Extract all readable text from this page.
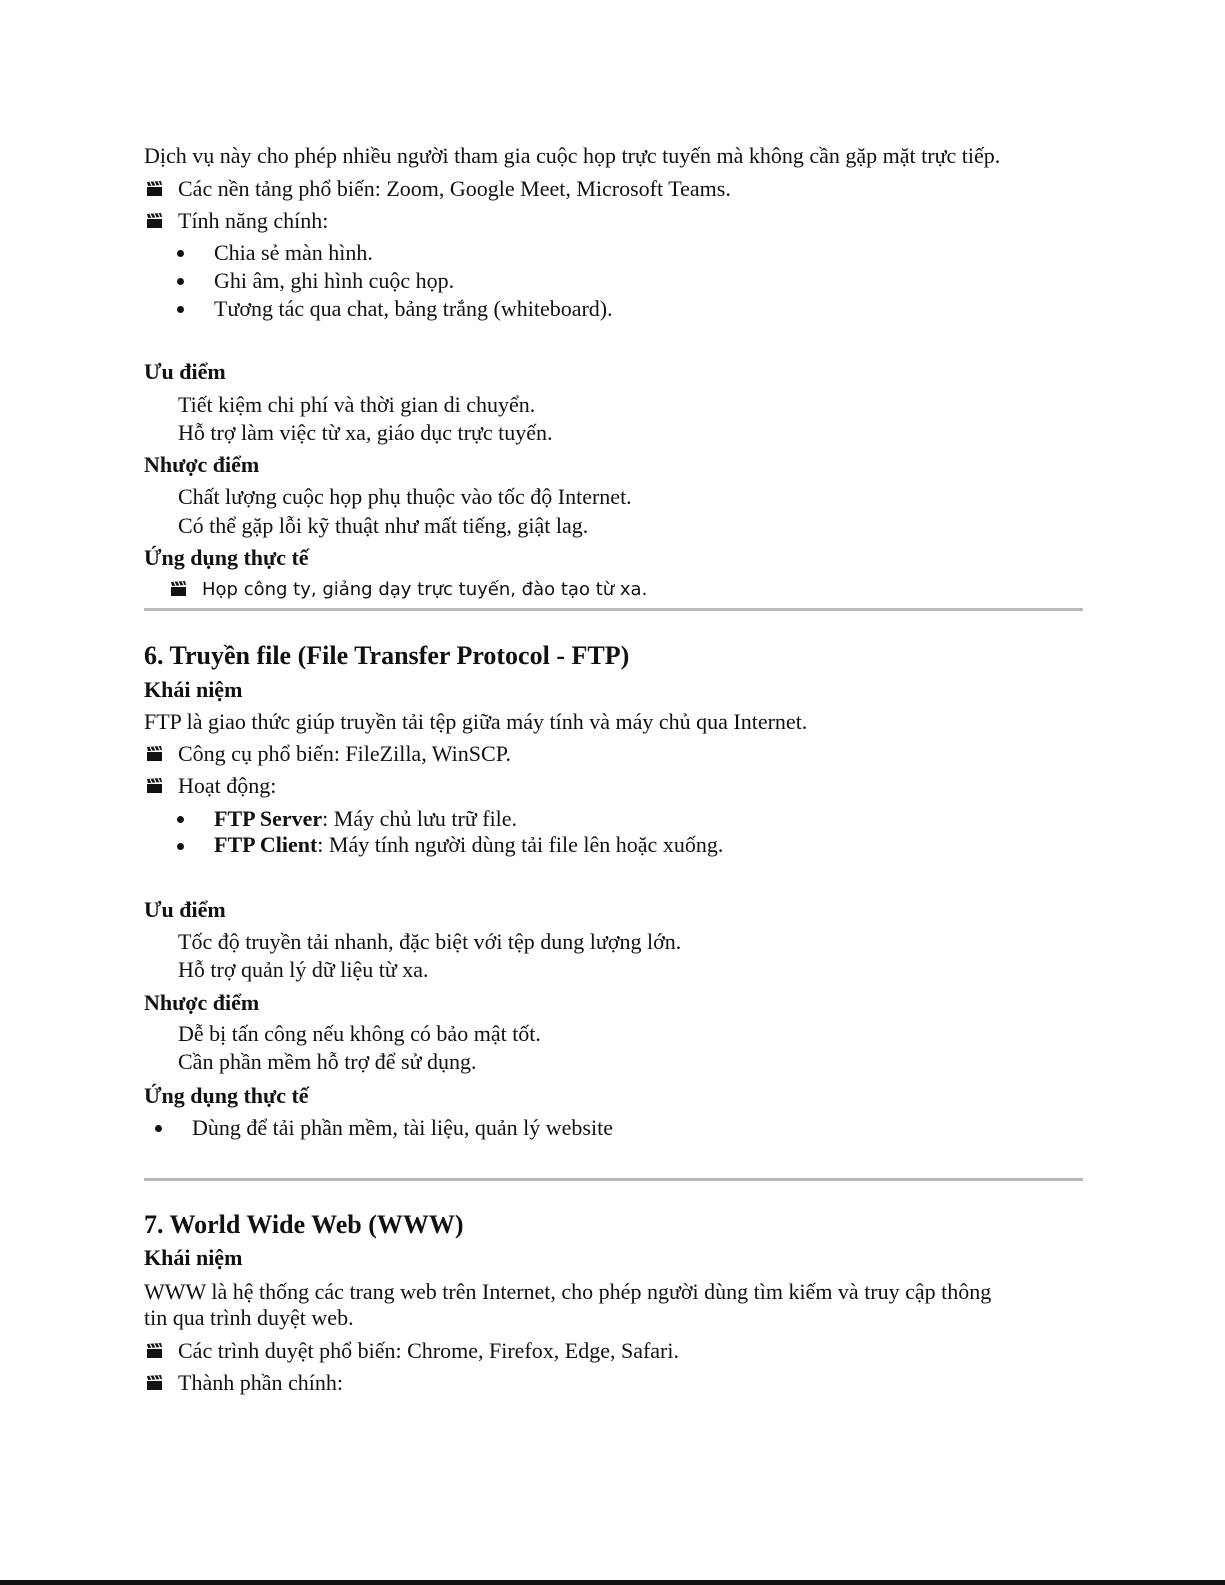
Dịch vụ này cho phép nhiều người tham gia cuộc họp trực tuyến mà không cần gặp mặt trực tiếp.
Các nền tảng phổ biến: Zoom, Google Meet, Microsoft Teams.
Tính năng chính:
Chia sẻ màn hình.
Ghi âm, ghi hình cuộc họp.
Tương tác qua chat, bảng trắng (whiteboard).
Ưu điểm
Tiết kiệm chi phí và thời gian di chuyển.
Hỗ trợ làm việc từ xa, giáo dục trực tuyến.
Nhược điểm
Chất lượng cuộc họp phụ thuộc vào tốc độ Internet.
Có thể gặp lỗi kỹ thuật như mất tiếng, giật lag.
Ứng dụng thực tế
Họp công ty, giảng dạy trực tuyến, đào tạo từ xa.
6. Truyền file (File Transfer Protocol - FTP)
Khái niệm
FTP là giao thức giúp truyền tải tệp giữa máy tính và máy chủ qua Internet.
Công cụ phổ biến: FileZilla, WinSCP.
Hoạt động:
FTP Server: Máy chủ lưu trữ file.
FTP Client: Máy tính người dùng tải file lên hoặc xuống.
Ưu điểm
Tốc độ truyền tải nhanh, đặc biệt với tệp dung lượng lớn.
Hỗ trợ quản lý dữ liệu từ xa.
Nhược điểm
Dễ bị tấn công nếu không có bảo mật tốt.
Cần phần mềm hỗ trợ để sử dụng.
Ứng dụng thực tế
Dùng để tải phần mềm, tài liệu, quản lý website
7. World Wide Web (WWW)
Khái niệm
WWW là hệ thống các trang web trên Internet, cho phép người dùng tìm kiếm và truy cập thông
tin qua trình duyệt web.
Các trình duyệt phổ biến: Chrome, Firefox, Edge, Safari.
Thành phần chính:
